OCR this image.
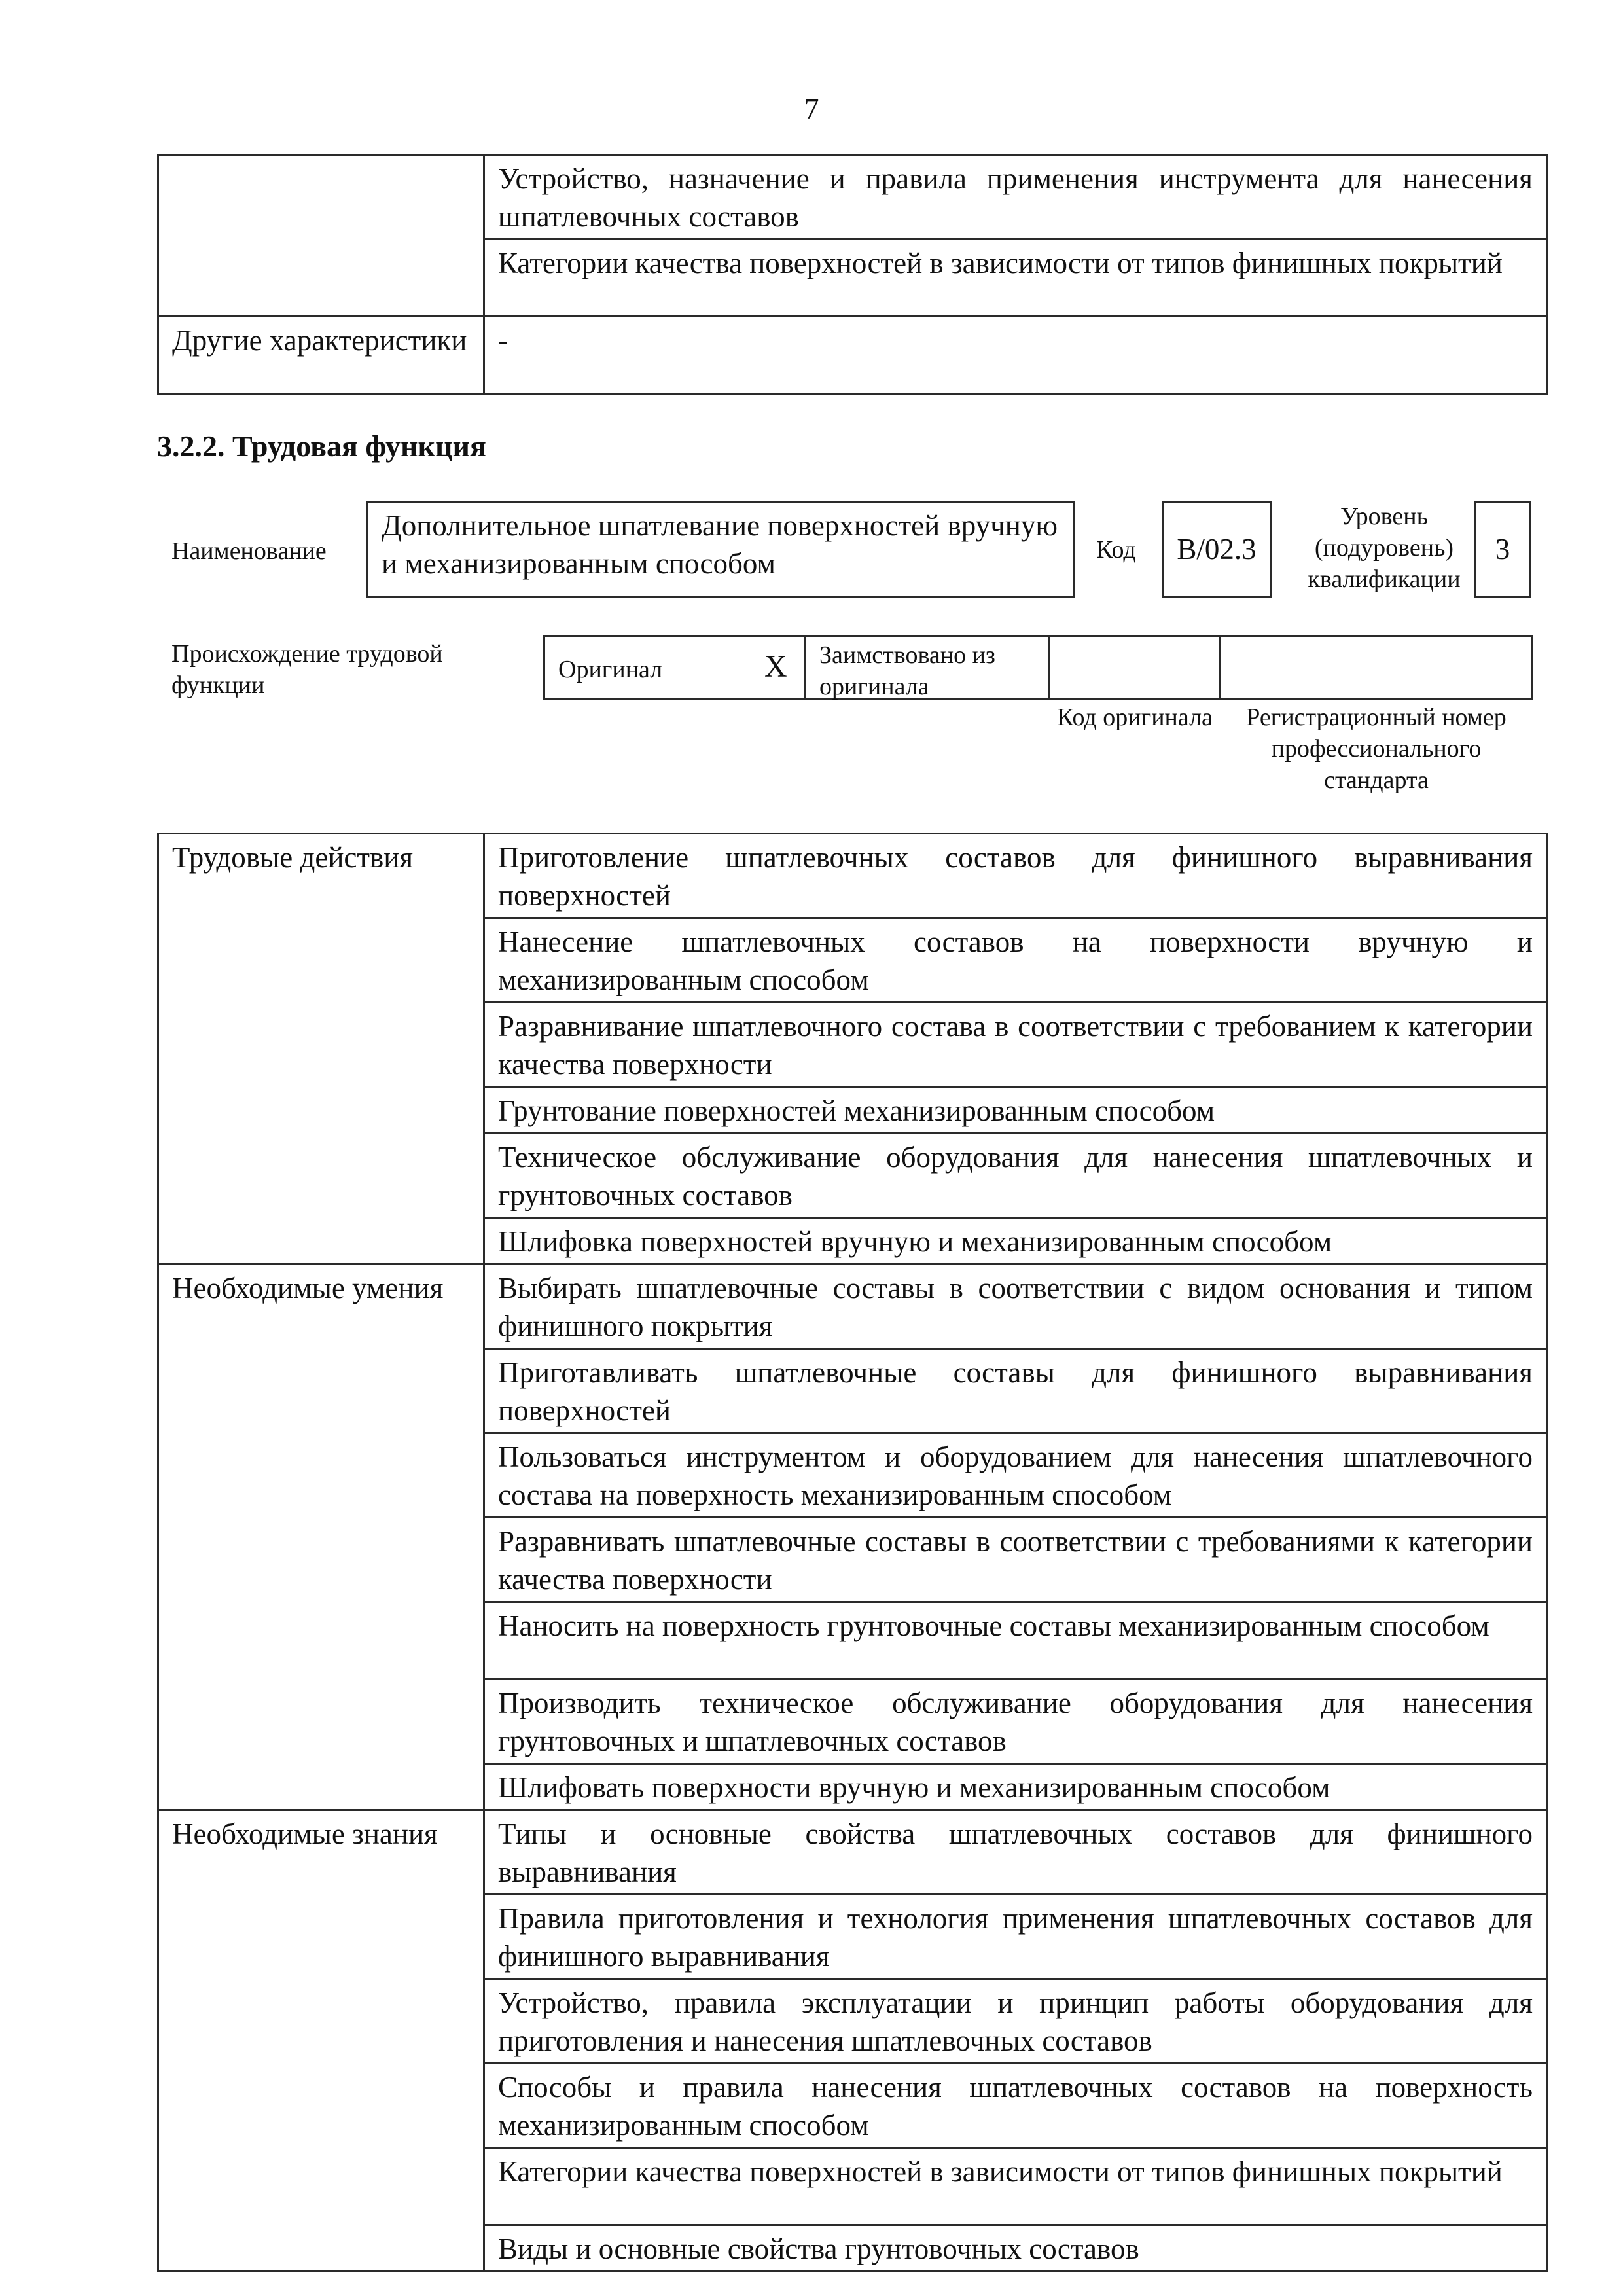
7
	Устройство, назначение и правила применения инструмента для нанесения шпатлевочных составов
	Категории качества поверхностей в зависимости от типов финишных покрытий
Другие характеристики	-
3.2.2. Трудовая функция
Наименование
Дополнительное шпатлевание поверхностей вручную и механизированным способом	Код	B/02.3
Уровень (подуровень) квалификации
3
Происхождение трудовой функции
Оригинал	X	Заимствовано из оригинала
Код оригинала	Регистрационный номер профессионального стандарта
Трудовые действия	Приготовление шпатлевочных составов для финишного выравнивания поверхностей
	Нанесение шпатлевочных составов на поверхности вручную и механизированным способом
	Разравнивание шпатлевочного состава в соответствии с требованием к категории качества поверхности
	Грунтование поверхностей механизированным способом
	Техническое обслуживание оборудования для нанесения шпатлевочных и грунтовочных составов
	Шлифовка поверхностей вручную и механизированным способом
Необходимые умения	Выбирать шпатлевочные составы в соответствии с видом основания и типом финишного покрытия
	Приготавливать шпатлевочные составы для финишного выравнивания поверхностей
	Пользоваться инструментом и оборудованием для нанесения шпатлевочного состава на поверхность механизированным способом
	Разравнивать шпатлевочные составы в соответствии с требованиями к категории качества поверхности
	Наносить на поверхность грунтовочные составы механизированным способом
	Производить техническое обслуживание оборудования для нанесения грунтовочных и шпатлевочных составов
	Шлифовать поверхности вручную и механизированным способом
Необходимые знания	Типы и основные свойства шпатлевочных составов для финишного выравнивания
	Правила приготовления и технология применения шпатлевочных составов для финишного выравнивания
	Устройство, правила эксплуатации и принцип работы оборудования для приготовления и нанесения шпатлевочных составов
	Способы и правила нанесения шпатлевочных составов на поверхность механизированным способом
	Категории качества поверхностей в зависимости от типов финишных покрытий
	Виды и основные свойства грунтовочных составов
